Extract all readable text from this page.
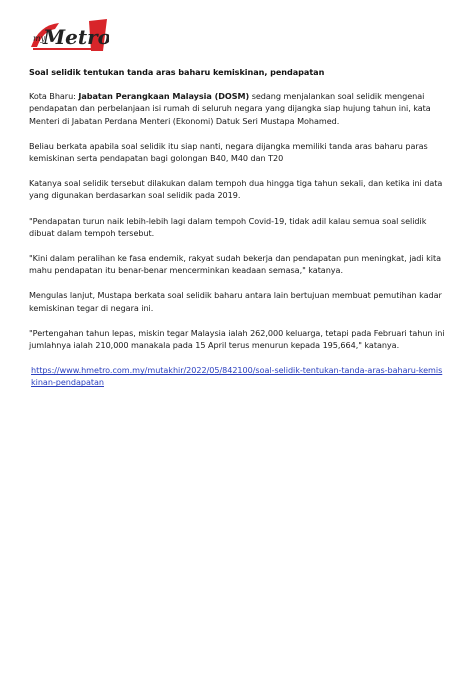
my
Metro
Soal selidik tentukan tanda aras baharu kemiskinan, pendapatan

Kota Bharu: Jabatan Perangkaan Malaysia (DOSM) sedang menjalankan soal selidik mengenai pendapatan dan perbelanjaan isi rumah di seluruh negara yang dijangka siap hujung tahun ini, kata Menteri di Jabatan Perdana Menteri (Ekonomi) Datuk Seri Mustapa Mohamed.

Beliau berkata apabila soal selidik itu siap nanti, negara dijangka memiliki tanda aras baharu paras kemiskinan serta pendapatan bagi golongan B40, M40 dan T20

Katanya soal selidik tersebut dilakukan dalam tempoh dua hingga tiga tahun sekali, dan ketika ini data yang digunakan berdasarkan soal selidik pada 2019.

"Pendapatan turun naik lebih-lebih lagi dalam tempoh Covid-19, tidak adil kalau semua soal selidik dibuat dalam tempoh tersebut.

"Kini dalam peralihan ke fasa endemik, rakyat sudah bekerja dan pendapatan pun meningkat, jadi kita mahu pendapatan itu benar-benar mencerminkan keadaan semasa," katanya.

Mengulas lanjut, Mustapa berkata soal selidik baharu antara lain bertujuan membuat pemutihan kadar kemiskinan tegar di negara ini.

"Pertengahan tahun lepas, miskin tegar Malaysia ialah 262,000 keluarga, tetapi pada Februari tahun ini jumlahnya ialah 210,000 manakala pada 15 April terus menurun kepada 195,664," katanya.

https://www.hmetro.com.my/mutakhir/2022/05/842100/soal-selidik-tentukan-tanda-aras-baharu-kemiskinan-pendapatan
